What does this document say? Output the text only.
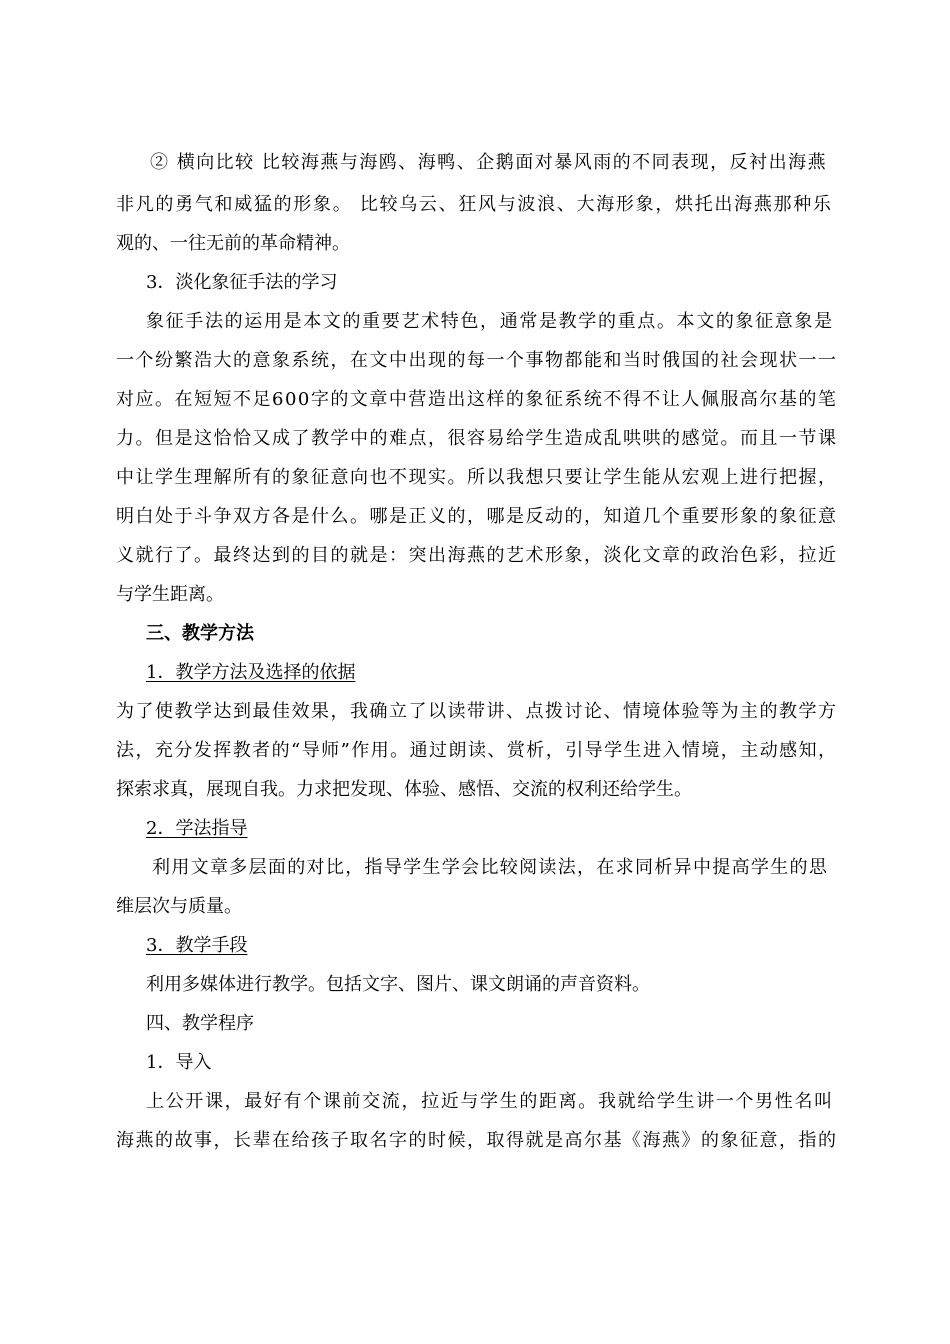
② 横向比较 比较海燕与海鸥、海鸭、企鹅面对暴风雨的不同表现，反衬出海燕
非凡的勇气和威猛的形象。 比较乌云、狂风与波浪、大海形象，烘托出海燕那种乐
观的、一往无前的革命精神。
3．淡化象征手法的学习
象征手法的运用是本文的重要艺术特色，通常是教学的重点。本文的象征意象是
一个纷繁浩大的意象系统，在文中出现的每一个事物都能和当时俄国的社会现状一一
对应。在短短不足600字的文章中营造出这样的象征系统不得不让人佩服高尔基的笔
力。但是这恰恰又成了教学中的难点，很容易给学生造成乱哄哄的感觉。而且一节课
中让学生理解所有的象征意向也不现实。所以我想只要让学生能从宏观上进行把握，
明白处于斗争双方各是什么。哪是正义的，哪是反动的，知道几个重要形象的象征意
义就行了。最终达到的目的就是：突出海燕的艺术形象，淡化文章的政治色彩，拉近
与学生距离。
三、教学方法
1．教学方法及选择的依据
为了使教学达到最佳效果，我确立了以读带讲、点拨讨论、情境体验等为主的教学方
法，充分发挥教者的“导师”作用。通过朗读、赏析，引导学生进入情境，主动感知，
探索求真，展现自我。力求把发现、体验、感悟、交流的权利还给学生。
2．学法指导
利用文章多层面的对比，指导学生学会比较阅读法，在求同析异中提高学生的思
维层次与质量。
3．教学手段
利用多媒体进行教学。包括文字、图片、课文朗诵的声音资料。
四、教学程序
1．导入
上公开课，最好有个课前交流，拉近与学生的距离。我就给学生讲一个男性名叫
海燕的故事，长辈在给孩子取名字的时候，取得就是高尔基《海燕》的象征意，指的
